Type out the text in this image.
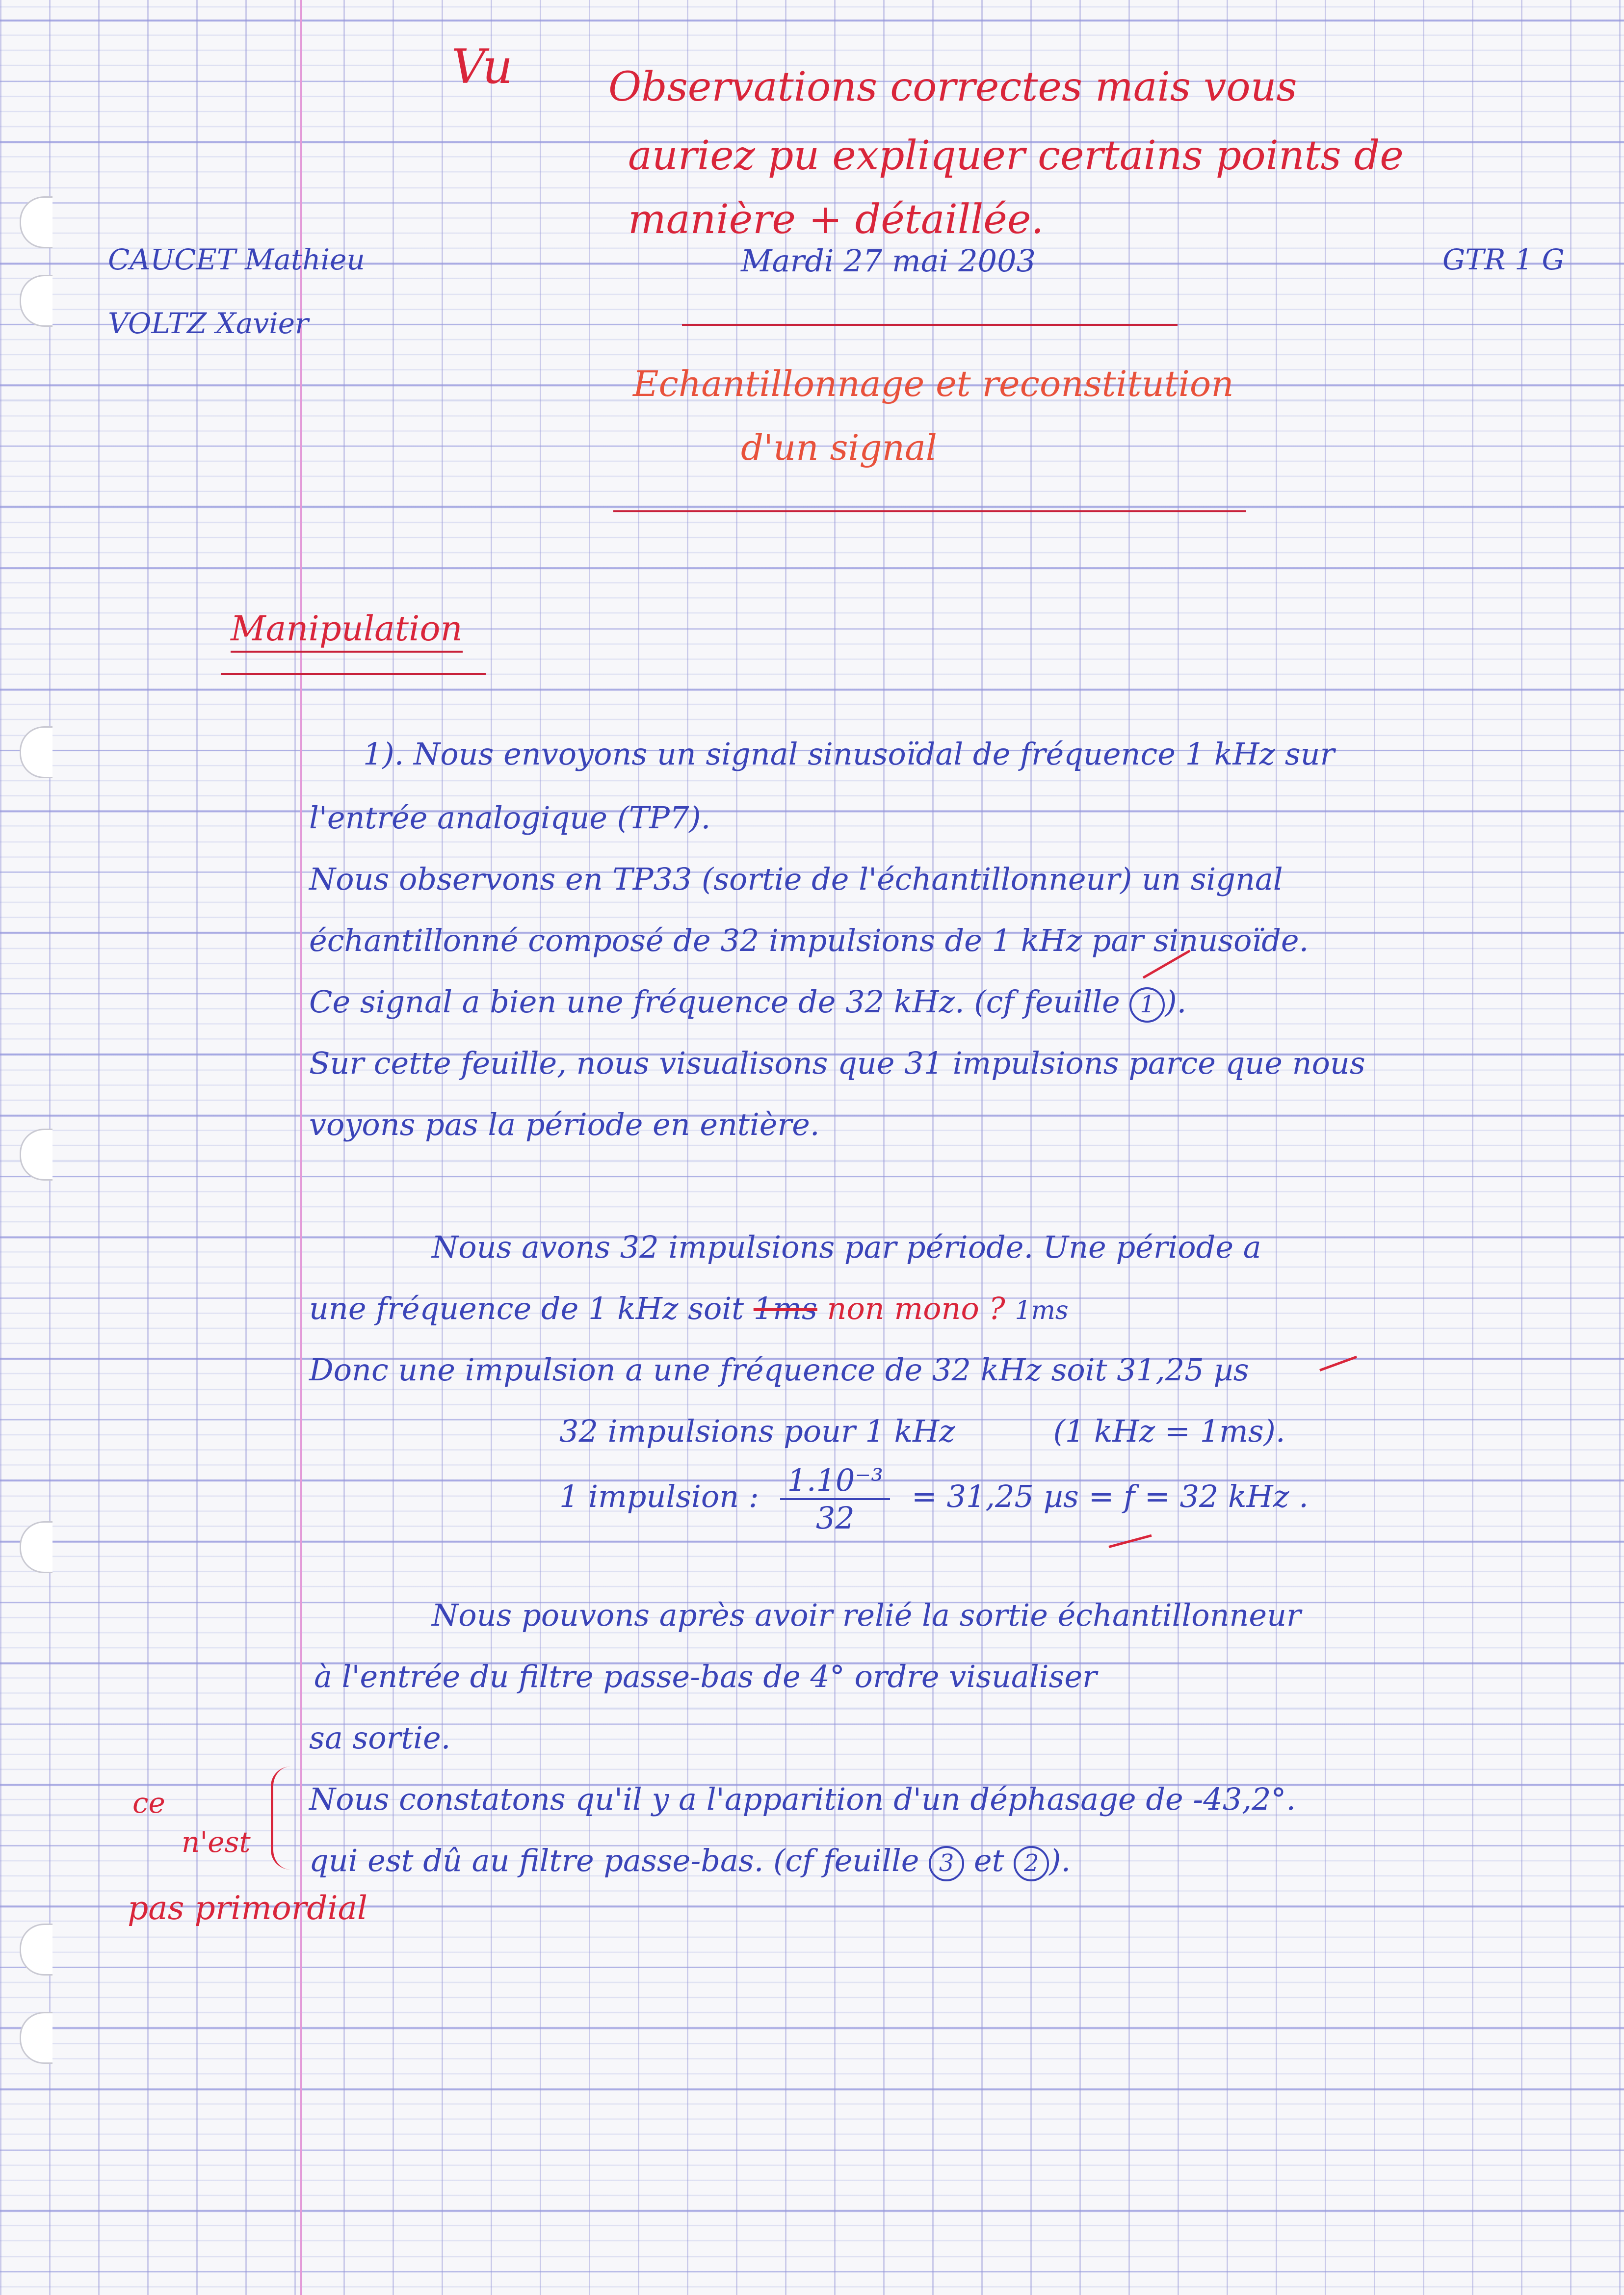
Vu Observations correctes mais vous
auriez pu expliquer certains points de
manière + détaillée.
CAUCET Mathieu
VOLTZ Xavier
Mardi 27 mai 2003	GTR 1 G
Echantillonnage et reconstitution
d'un signal
Manipulation
1). Nous envoyons un signal sinusoïdal de fréquence 1 kHz sur
l'entrée analogique (TP7).
Nous observons en TP33 (sortie de l'échantillonneur) un signal
échantillonné composé de 32 impulsions de 1 kHz par sinusoïde.
Ce signal a bien une fréquence de 32 kHz. (cf feuille 1 ).
Sur cette feuille, nous visualisons que 31 impulsions parce que nous
voyons pas la période en entière.
Nous avons 32 impulsions par période. Une période a
une fréquence de 1 kHz soit 1ms non mono ? 1ms
Donc une impulsion a une fréquence de 32 kHz soit 31,25 µs
32 impulsions pour 1 kHz	(1 kHz = 1ms).
1 impulsion : $\frac{\text{1.10⁻³}}{32} = 31,25$ µs = f = 32 kHz .
Nous pouvons après avoir relié la sortie échantillonneur
à l'entrée du filtre passe-bas de 4° ordre visualiser
sa sortie.
Nous constatons qu'il y a l'apparition d'un déphasage de -43,2°.
qui est dû au filtre passe-bas. (cf feuille 3 et 2 ).
ce
n'est
pas primordial
